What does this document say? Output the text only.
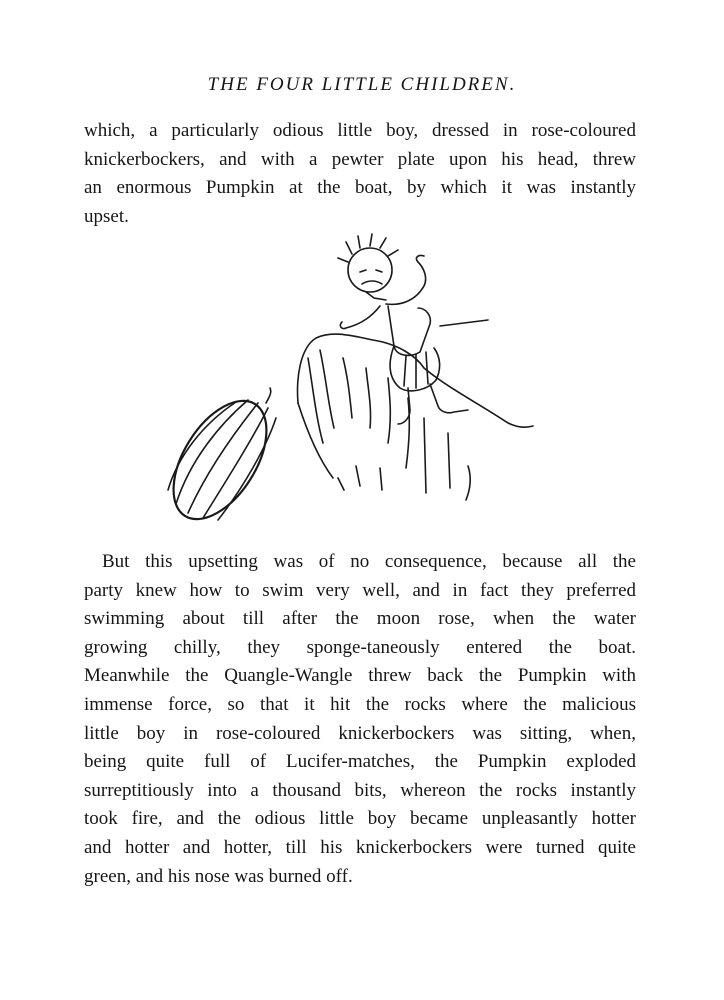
THE FOUR LITTLE CHILDREN.

which, a particularly odious little boy, dressed in rose-coloured
knickerbockers, and with a pewter plate upon his head, threw
an enormous Pumpkin at the boat, by which it was instantly
upset.

But this upsetting was of no consequence, because all the
party knew how to swim very well, and in fact they preferred
swimming about till after the moon rose, when the water
growing chilly, they sponge-taneously entered the boat.
Meanwhile the Quangle-Wangle threw back the Pumpkin with
immense force, so that it hit the rocks where the malicious
little boy in rose-coloured knickerbockers was sitting, when,
being quite full of Lucifer-matches, the Pumpkin exploded
surreptitiously into a thousand bits, whereon the rocks instantly
took fire, and the odious little boy became unpleasantly hotter
and hotter and hotter, till his knickerbockers were turned quite
green, and his nose was burned off.
